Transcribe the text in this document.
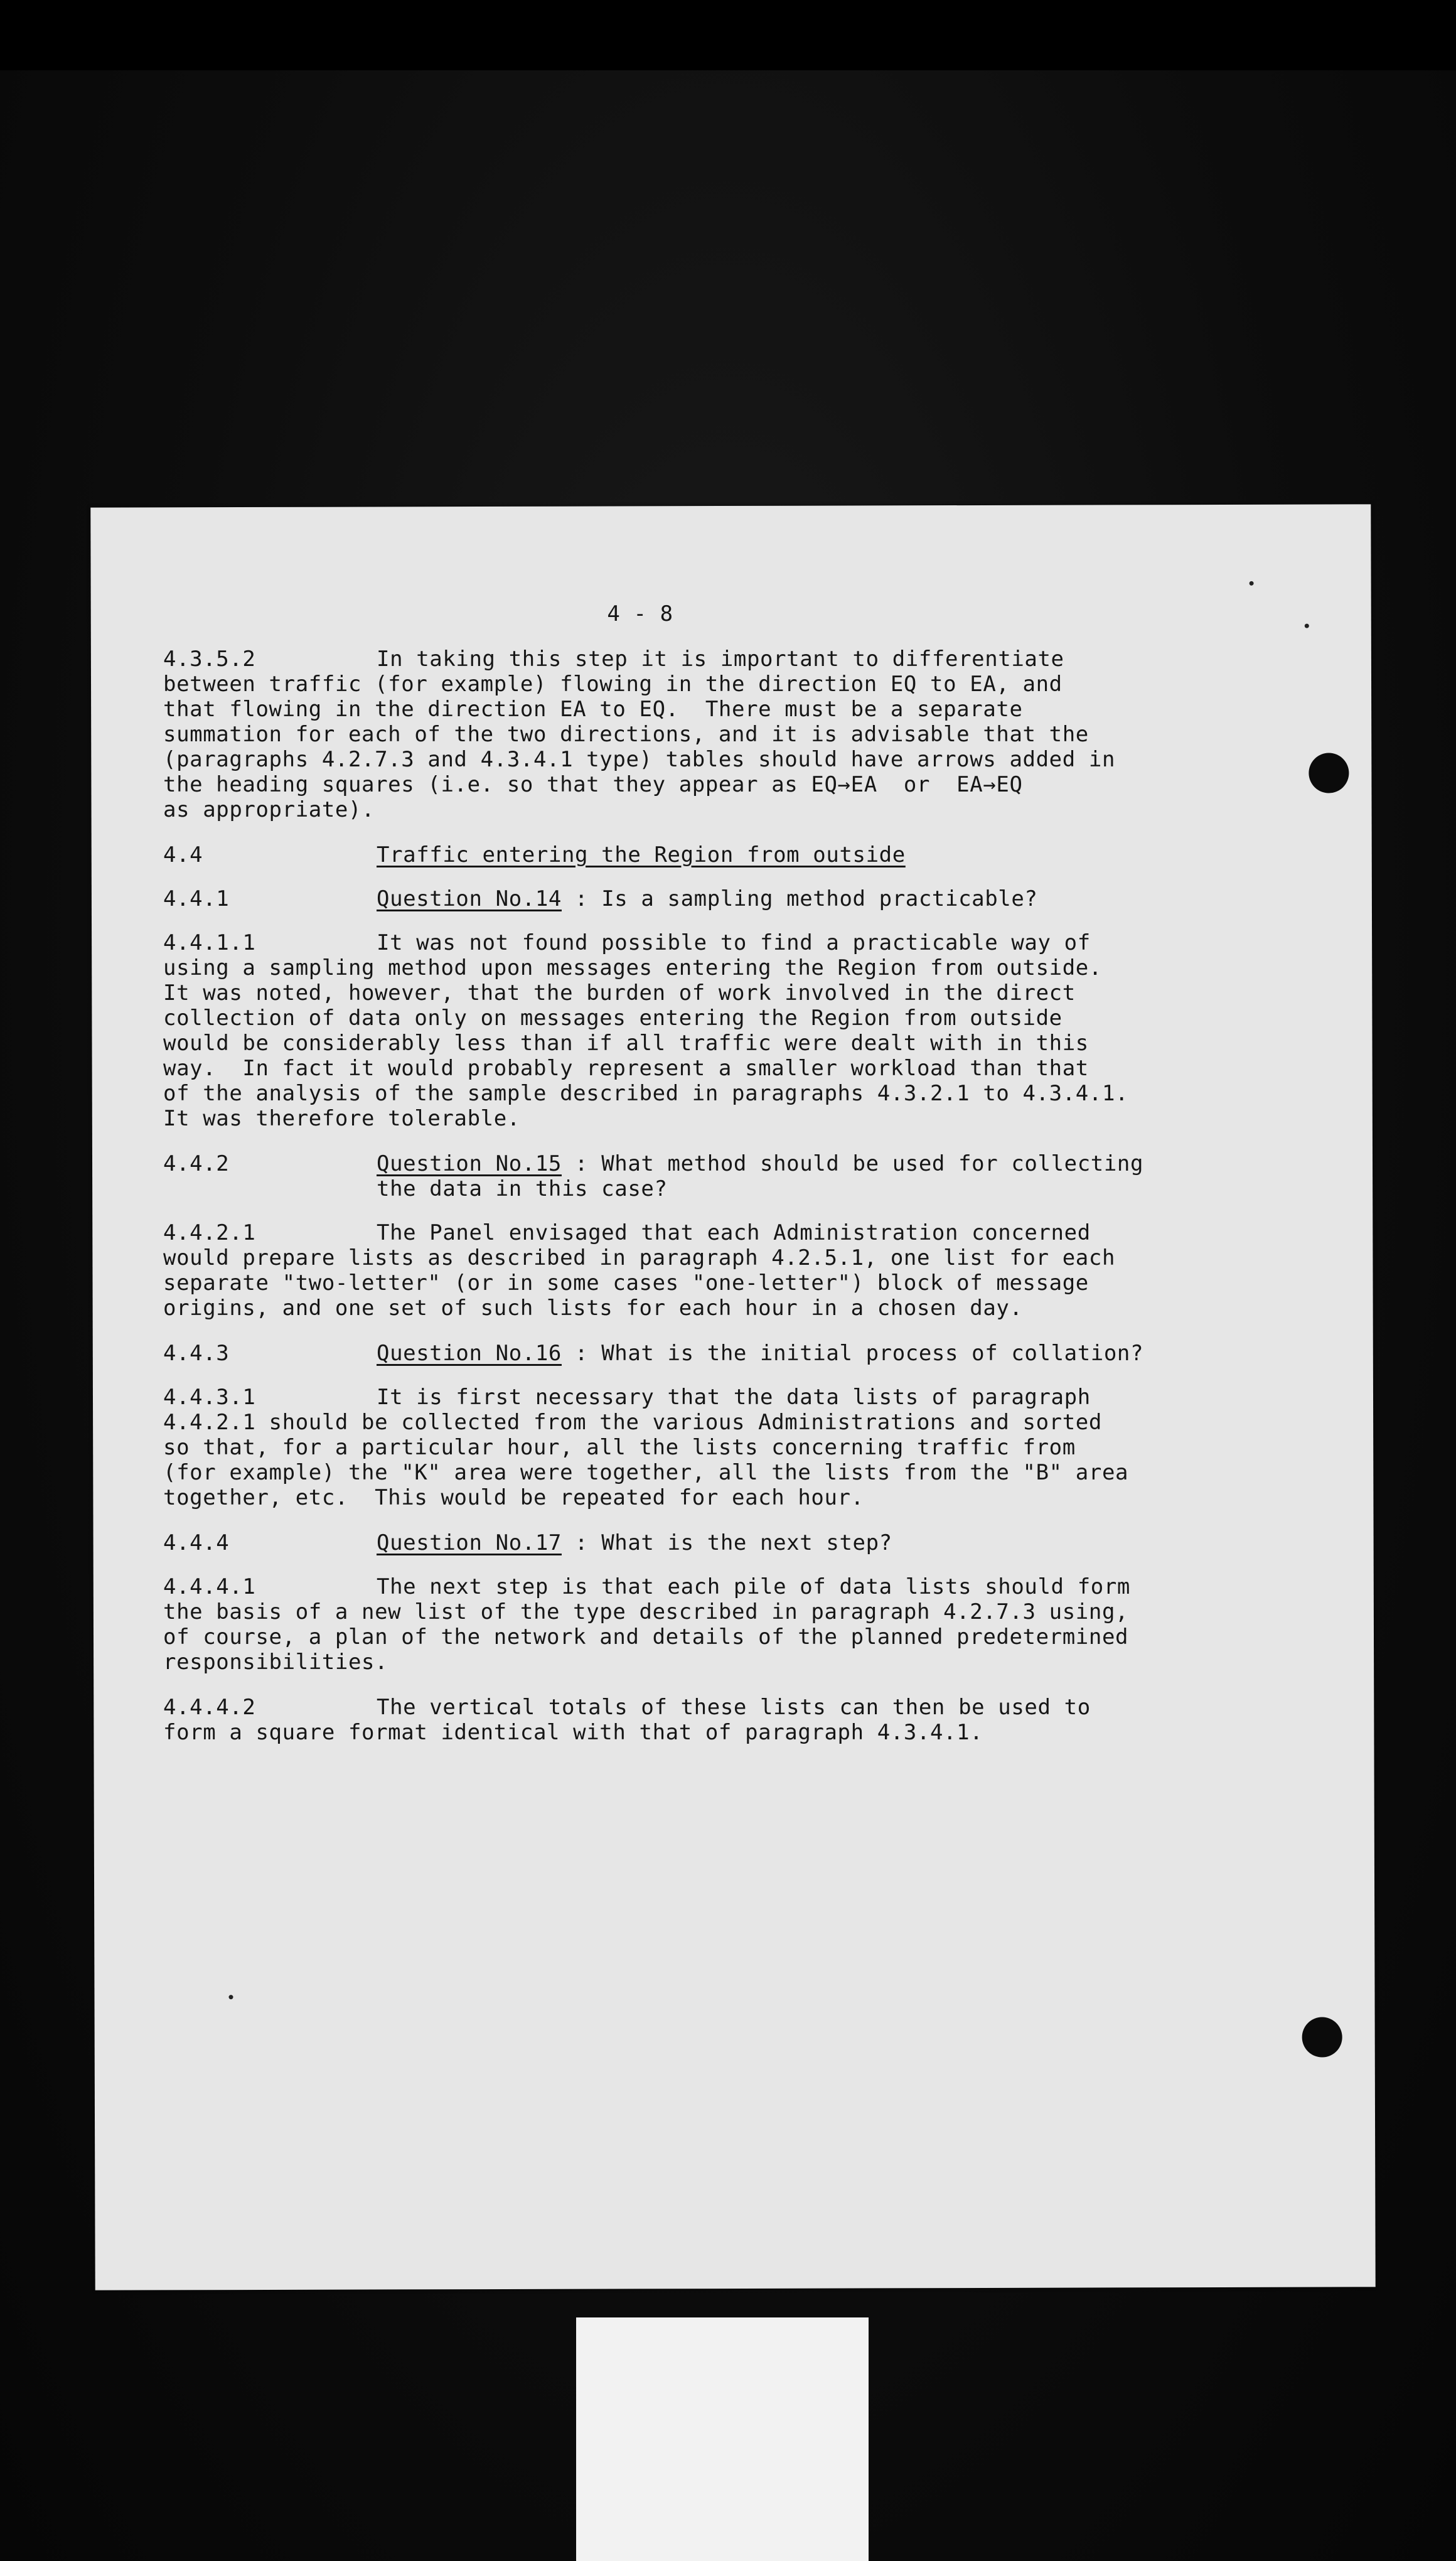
4 - 8
4.3.5.2	In taking this step it is important to differentiate
between traffic (for example) flowing in the direction EQ to EA, and
that flowing in the direction EA to EQ.  There must be a separate
summation for each of the two directions, and it is advisable that the
(paragraphs 4.2.7.3 and 4.3.4.1 type) tables should have arrows added in
the heading squares (i.e. so that they appear as EQ→EA  or  EA→EQ
as appropriate).
4.4	Traffic entering the Region from outside
4.4.1	Question No.14 : Is a sampling method practicable?
4.4.1.1	It was not found possible to find a practicable way of
using a sampling method upon messages entering the Region from outside.
It was noted, however, that the burden of work involved in the direct
collection of data only on messages entering the Region from outside
would be considerably less than if all traffic were dealt with in this
way.  In fact it would probably represent a smaller workload than that
of the analysis of the sample described in paragraphs 4.3.2.1 to 4.3.4.1.
It was therefore tolerable.
4.4.2	Question No.15 : What method should be used for collecting
the data in this case?
4.4.2.1	The Panel envisaged that each Administration concerned
would prepare lists as described in paragraph 4.2.5.1, one list for each
separate "two-letter" (or in some cases "one-letter") block of message
origins, and one set of such lists for each hour in a chosen day.
4.4.3	Question No.16 : What is the initial process of collation?
4.4.3.1	It is first necessary that the data lists of paragraph
4.4.2.1 should be collected from the various Administrations and sorted
so that, for a particular hour, all the lists concerning traffic from
(for example) the "K" area were together, all the lists from the "B" area
together, etc.  This would be repeated for each hour.
4.4.4	Question No.17 : What is the next step?
4.4.4.1	The next step is that each pile of data lists should form
the basis of a new list of the type described in paragraph 4.2.7.3 using,
of course, a plan of the network and details of the planned predetermined
responsibilities.
4.4.4.2	The vertical totals of these lists can then be used to
form a square format identical with that of paragraph 4.3.4.1.
